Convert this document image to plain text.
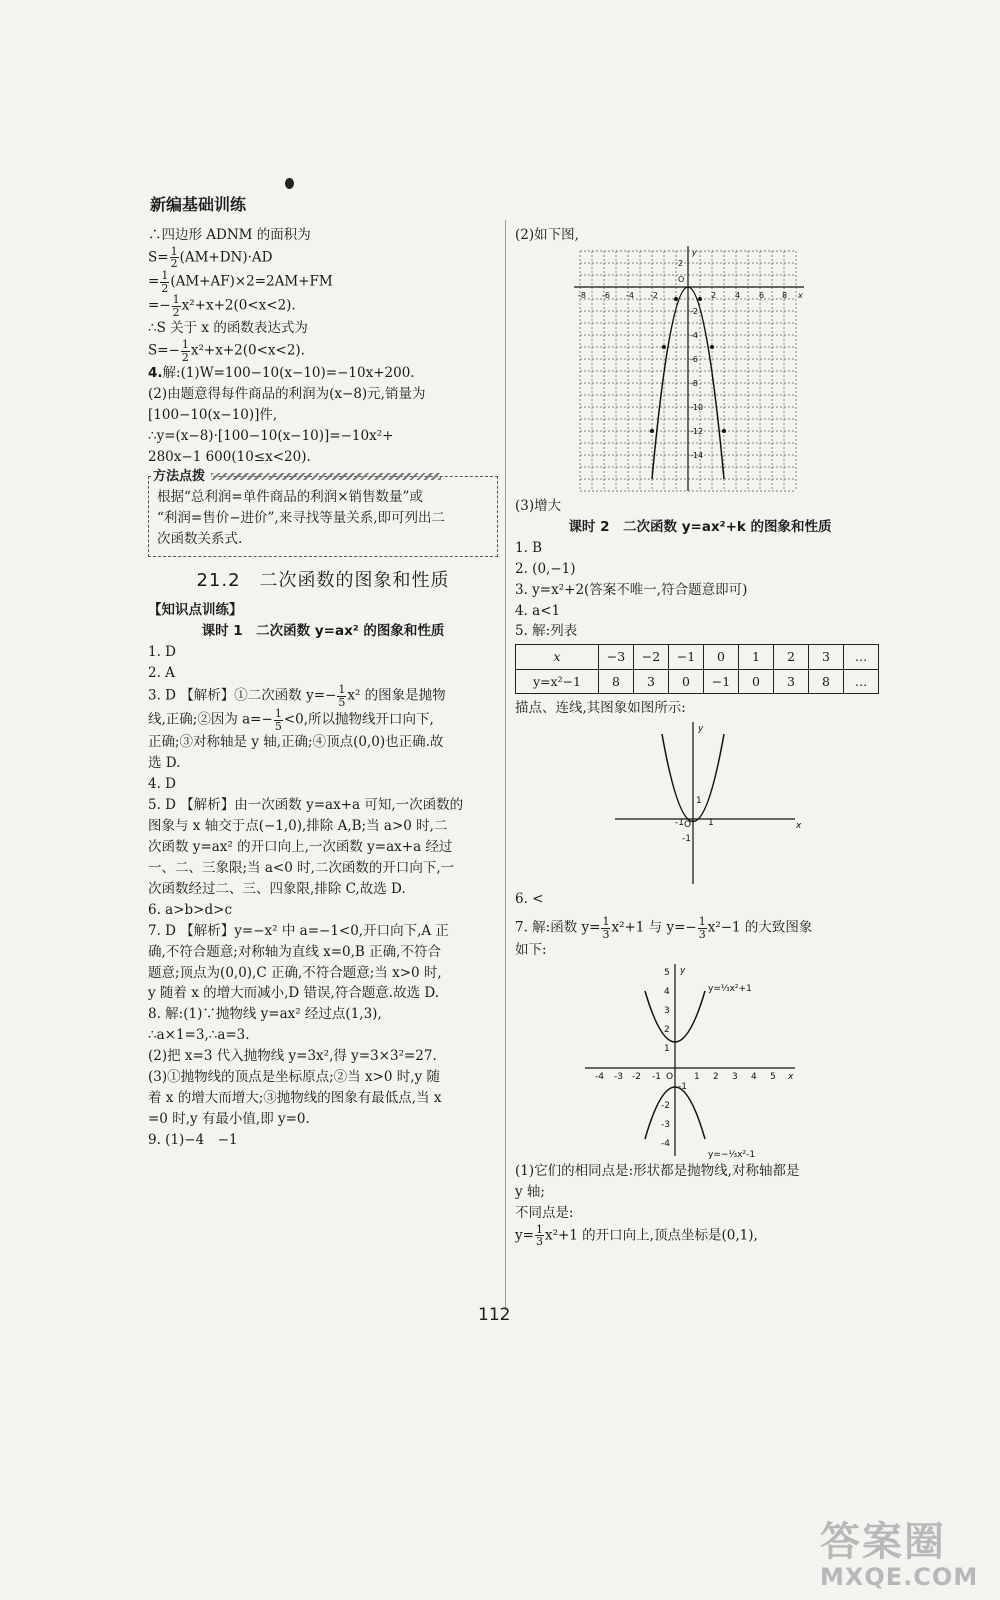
新编基础训练

∴四边形 ADNM 的面积为

$S= \frac{1}{2} (AM+DN)\cdot AD$

= $\frac{1}{2} (AM+AF)\times 2=2AM+FM$

=− $\frac{1}{2} x^2+x+2(0<x<2)$.

∴S 关于 x 的函数表达式为

$S=- \frac{1}{2} x^2+x+2(0<x<2)$.

4.解:(1)W=100−10(x−10)=−10x+200.

(2)由题意得每件商品的利润为(x−8)元,销量为

[100−10(x−10)]件,

∴y=(x−8)·[100−10(x−10)]=−10x²+

280x−1 600(10≤x<20).

方法点拨

根据“总利润=单件商品的利润×销售数量”或

“利润=售价−进价”,来寻找等量关系,即可列出二

次函数关系式.

21.2　二次函数的图象和性质

【知识点训练】

课时 1　二次函数 y=ax² 的图象和性质

1. D

2. A

3. D 【解析】①二次函数 $y=- \frac{1}{5} x^2$ 的图象是抛物

线,正确;②因为 $a=- \frac{1}{5} <0$,所以抛物线开口向下,

正确;③对称轴是 y 轴,正确;④顶点(0,0)也正确.故

选 D.

4. D

5. D 【解析】由一次函数 y=ax+a 可知,一次函数的

图象与 x 轴交于点(−1,0),排除 A,B;当 a>0 时,二

次函数 y=ax² 的开口向上,一次函数 y=ax+a 经过

一、二、三象限;当 a<0 时,二次函数的开口向下,一

次函数经过二、三、四象限,排除 C,故选 D.

6. a>b>d>c

7. D 【解析】y=−x² 中 a=−1<0,开口向下,A 正

确,不符合题意;对称轴为直线 x=0,B 正确,不符合

题意;顶点为(0,0),C 正确,不符合题意;当 x>0 时,

y 随着 x 的增大而减小,D 错误,符合题意.故选 D.

8. 解:(1)∵抛物线 y=ax² 经过点(1,3),

∴a×1=3,∴a=3.

(2)把 x=3 代入抛物线 y=3x²,得 y=3×3²=27.

(3)①抛物线的顶点是坐标原点;②当 x>0 时,y 随

着 x 的增大而增大;③抛物线的图象有最低点,当 x

=0 时,y 有最小值,即 y=0.

9. (1)−4　−1

(2)如下图,

-8 -6 -4 -2
O
2 4 6 8 x
y
2
-2
-4
-6
-8
-10
-12
-14

(3)增大

课时 2　二次函数 y=ax²+k 的图象和性质

1. B

2. (0,−1)

3. y=x²+2(答案不唯一,符合题意即可)

4. a<1

5. 解:列表

x	−3	−2	−1	0	1	2	3	…
y=x²−1	8	3	0	−1	0	3	8	…

描点、连线,其图象如图所示:

y
x
1
-1 O 1
-1

6. <

7. 解:函数 $y= \frac{1}{3} x^2+1$ 与 $y=- \frac{1}{3} x^2-1$ 的大致图象

如下:

y
x
-4 -3 -2 -1 O 1 2 3 4 5
5
4
3
2
1
-1
-2
-3
-4
y=⅓x²+1
y=−⅓x²-1

(1)它们的相同点是:形状都是抛物线,对称轴都是

y 轴;

不同点是:

$y= \frac{1}{3} x^2+1$ 的开口向上,顶点坐标是(0,1),

112
答案圈
MXQE.COM
